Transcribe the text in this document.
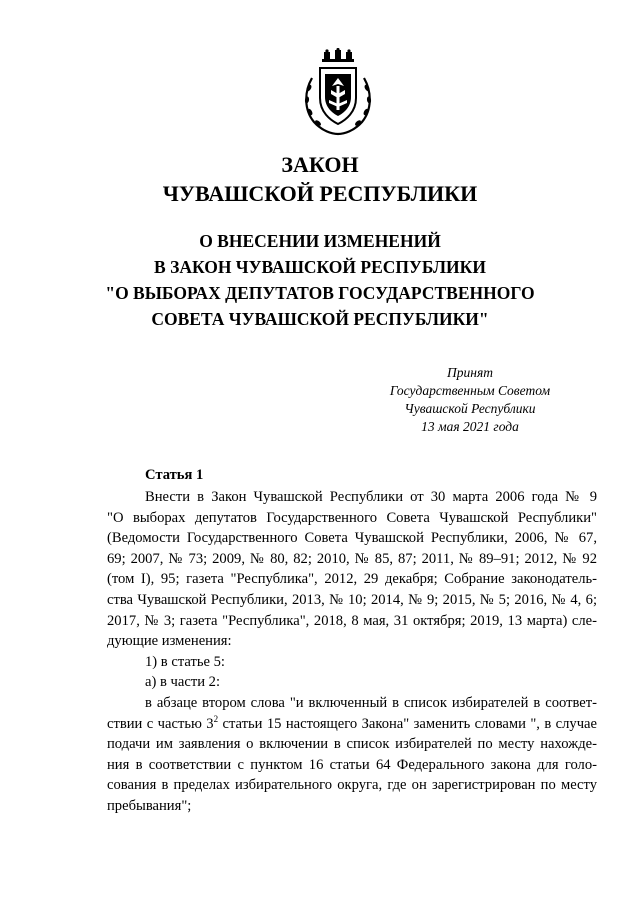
ЗАКОН
ЧУВАШСКОЙ РЕСПУБЛИКИ
О ВНЕСЕНИИ ИЗМЕНЕНИЙ
В ЗАКОН ЧУВАШСКОЙ РЕСПУБЛИКИ
"О ВЫБОРАХ ДЕПУТАТОВ ГОСУДАРСТВЕННОГО
СОВЕТА ЧУВАШСКОЙ РЕСПУБЛИКИ"
Принят
Государственным Советом
Чувашской Республики
13 мая 2021 года
Статья 1
Внести в Закон Чувашской Республики от 30 марта 2006 года № 9
"О выборах депутатов Государственного Совета Чувашской Республики"
(Ведомости Государственного Совета Чувашской Республики, 2006, № 67,
69; 2007, № 73; 2009, № 80, 82; 2010, № 85, 87; 2011, № 89–91; 2012, № 92
(том I), 95; газета "Республика", 2012, 29 декабря; Собрание законодатель-
ства Чувашской Республики, 2013, № 10; 2014, № 9; 2015, № 5; 2016, № 4, 6;
2017, № 3; газета "Республика", 2018, 8 мая, 31 октября; 2019, 13 марта) сле-
дующие изменения:
1) в статье 5:
а) в части 2:
в абзаце втором слова "и включенный в список избирателей в соответ-
ствии с частью $3^2$ статьи 15 настоящего Закона" заменить словами ", в случае
подачи им заявления о включении в список избирателей по месту нахожде-
ния в соответствии с пунктом 16 статьи 64 Федерального закона для голо-
сования в пределах избирательного округа, где он зарегистрирован по месту
пребывания";
